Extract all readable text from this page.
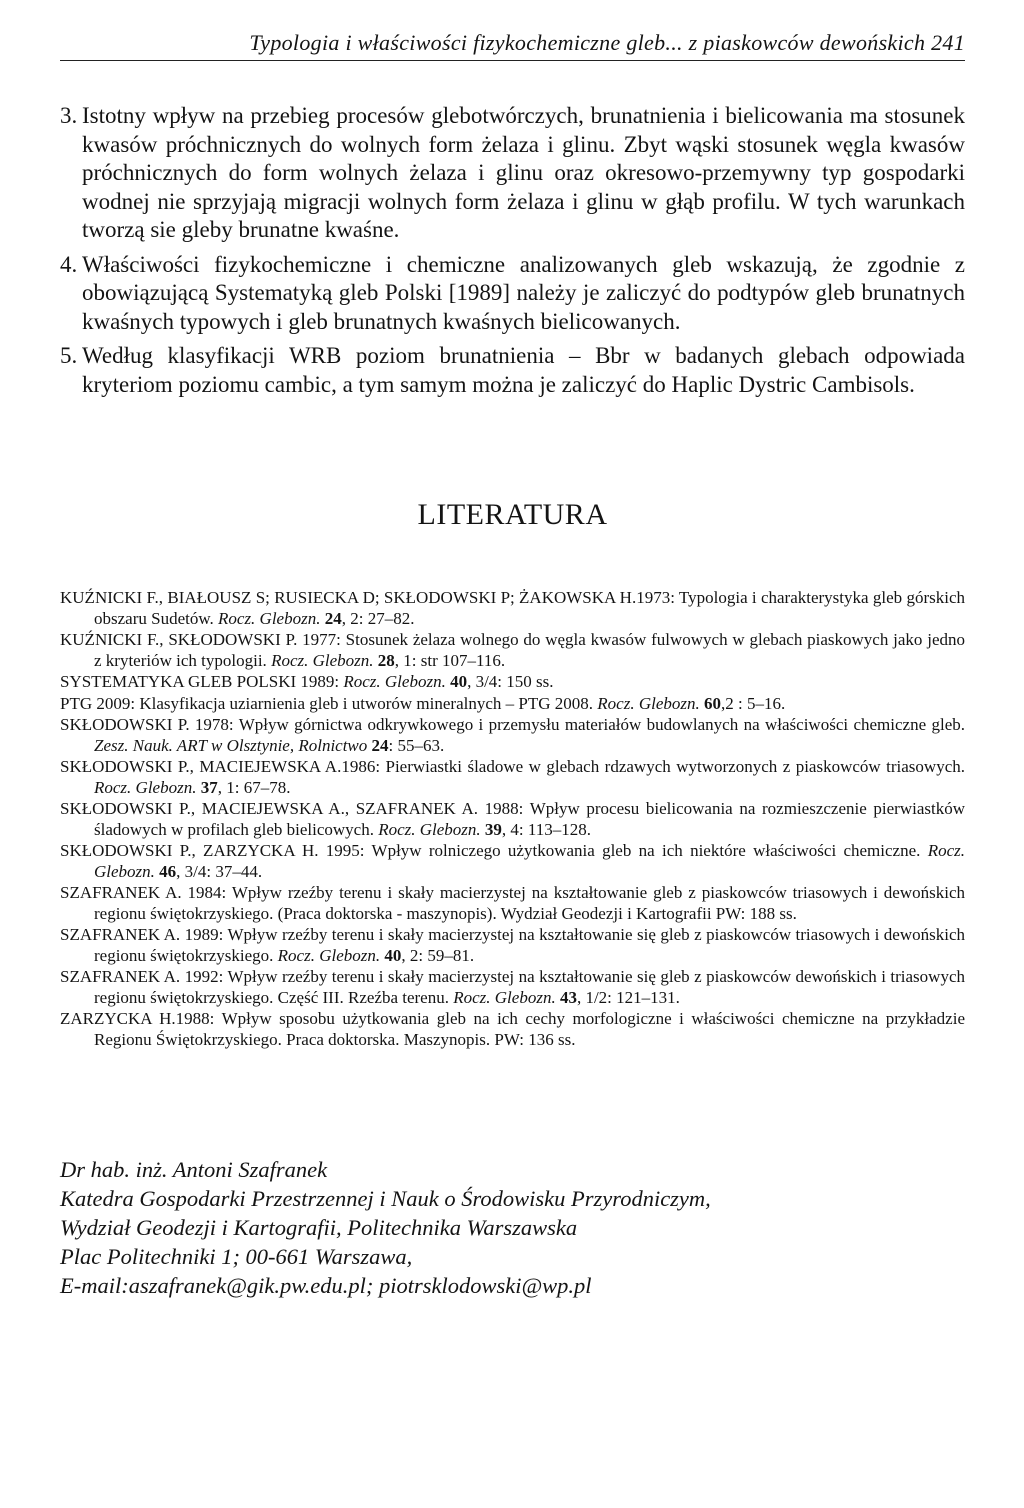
Typologia i właściwości fizykochemiczne gleb... z piaskowców dewońskich 241
3. Istotny wpływ na przebieg procesów glebotwórczych, brunatnienia i bielicowania ma stosunek kwasów próchnicznych do wolnych form żelaza i glinu. Zbyt wąski stosunek węgla kwasów próchnicznych do form wolnych żelaza i glinu oraz okresowo-przemywny typ gospodarki wodnej nie sprzyjają migracji wolnych form żelaza i glinu w głąb profilu. W tych warunkach tworzą sie gleby brunatne kwaśne.
4. Właściwości fizykochemiczne i chemiczne analizowanych gleb wskazują, że zgodnie z obowiązującą Systematyką gleb Polski [1989] należy je zaliczyć do podtypów gleb brunatnych kwaśnych typowych i gleb brunatnych kwaśnych bielicowanych.
5. Według klasyfikacji WRB poziom brunatnienia – Bbr w badanych glebach odpowiada kryteriom poziomu cambic, a tym samym można je zaliczyć do Haplic Dystric Cambisols.
LITERATURA
KUŹNICKI F., BIAŁOUSZ S; RUSIECKA D; SKŁODOWSKI P; ŻAKOWSKA H.1973: Typologia i charakterystyka gleb górskich obszaru Sudetów. Rocz. Glebozn. 24, 2: 27–82.
KUŹNICKI F., SKŁODOWSKI P. 1977: Stosunek żelaza wolnego do węgla kwasów fulwowych w glebach piaskowych jako jedno z kryteriów ich typologii. Rocz. Glebozn. 28, 1: str 107–116.
SYSTEMATYKA GLEB POLSKI 1989: Rocz. Glebozn. 40, 3/4: 150 ss.
PTG 2009: Klasyfikacja uziarnienia gleb i utworów mineralnych – PTG 2008. Rocz. Glebozn. 60,2 : 5–16.
SKŁODOWSKI P. 1978: Wpływ górnictwa odkrywkowego i przemysłu materiałów budowlanych na właściwości chemiczne gleb. Zesz. Nauk. ART w Olsztynie, Rolnictwo 24: 55–63.
SKŁODOWSKI P., MACIEJEWSKA A.1986: Pierwiastki śladowe w glebach rdzawych wytworzonych z piaskowców triasowych. Rocz. Glebozn. 37, 1: 67–78.
SKŁODOWSKI P., MACIEJEWSKA A., SZAFRANEK A. 1988: Wpływ procesu bielicowania na rozmieszczenie pierwiastków śladowych w profilach gleb bielicowych. Rocz. Glebozn. 39, 4: 113–128.
SKŁODOWSKI P., ZARZYCKA H. 1995: Wpływ rolniczego użytkowania gleb na ich niektóre właściwości chemiczne. Rocz. Glebozn. 46, 3/4: 37–44.
SZAFRANEK A. 1984: Wpływ rzeźby terenu i skały macierzystej na kształtowanie gleb z piaskowców triasowych i dewońskich regionu świętokrzyskiego. (Praca doktorska - maszynopis). Wydział Geodezji i Kartografii PW: 188 ss.
SZAFRANEK A. 1989: Wpływ rzeźby terenu i skały macierzystej na kształtowanie się gleb z piaskowców triasowych i dewońskich regionu świętokrzyskiego. Rocz. Glebozn. 40, 2: 59–81.
SZAFRANEK A. 1992: Wpływ rzeźby terenu i skały macierzystej na kształtowanie się gleb z piaskowców dewońskich i triasowych regionu świętokrzyskiego. Część III. Rzeźba terenu. Rocz. Glebozn. 43, 1/2: 121–131.
ZARZYCKA H.1988: Wpływ sposobu użytkowania gleb na ich cechy morfologiczne i właściwości chemiczne na przykładzie Regionu Świętokrzyskiego. Praca doktorska. Maszynopis. PW: 136 ss.
Dr hab. inż. Antoni Szafranek
Katedra Gospodarki Przestrzennej i Nauk o Środowisku Przyrodniczym,
Wydział Geodezji i Kartografii, Politechnika Warszawska
Plac Politechniki 1; 00-661 Warszawa,
E-mail:aszafranek@gik.pw.edu.pl; piotrsklodowski@wp.pl
